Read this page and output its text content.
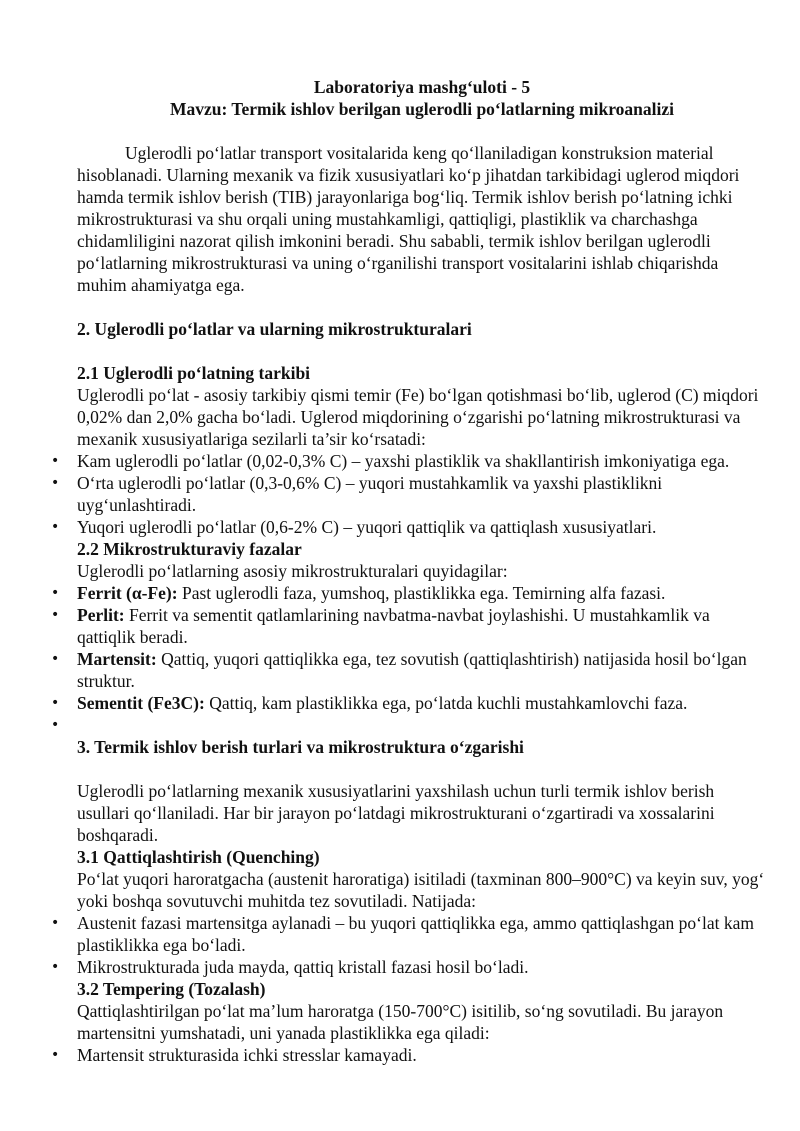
Laboratoriya mashg‘uloti - 5

Mavzu: Termik ishlov berilgan uglerodli po‘latlarning mikroanalizi

Uglerodli po‘latlar transport vositalarida keng qo‘llaniladigan konstruksion material hisoblanadi. Ularning mexanik va fizik xususiyatlari ko‘p jihatdan tarkibidagi uglerod miqdori hamda termik ishlov berish (TIB) jarayonlariga bog‘liq. Termik ishlov berish po‘latning ichki mikrostrukturasi va shu orqali uning mustahkamligi, qattiqligi, plastiklik va charchashga chidamliligini nazorat qilish imkonini beradi. Shu sababli, termik ishlov berilgan uglerodli po‘latlarning mikrostrukturasi va uning o‘rganilishi transport vositalarini ishlab chiqarishda muhim ahamiyatga ega.

2. Uglerodli po‘latlar va ularning mikrostrukturalari

2.1 Uglerodli po‘latning tarkibi

Uglerodli po‘lat - asosiy tarkibiy qismi temir (Fe) bo‘lgan qotishmasi bo‘lib, uglerod (C) miqdori 0,02% dan 2,0% gacha bo‘ladi. Uglerod miqdorining o‘zgarishi po‘latning mikrostrukturasi va mexanik xususiyatlariga sezilarli ta’sir ko‘rsatadi:

• Kam uglerodli po‘latlar (0,02-0,3% C) – yaxshi plastiklik va shakllantirish imkoniyatiga ega.
• O‘rta uglerodli po‘latlar (0,3-0,6% C) – yuqori mustahkamlik va yaxshi plastiklikni uyg‘unlashtiradi.
• Yuqori uglerodli po‘latlar (0,6-2% C) – yuqori qattiqlik va qattiqlash xususiyatlari.

2.2 Mikrostrukturaviy fazalar

Uglerodli po‘latlarning asosiy mikrostrukturalari quyidagilar:

• Ferrit (α-Fe): Past uglerodli faza, yumshoq, plastiklikka ega. Temirning alfa fazasi.
• Perlit: Ferrit va sementit qatlamlarining navbatma-navbat joylashishi. U mustahkamlik va qattiqlik beradi.
• Martensit: Qattiq, yuqori qattiqlikka ega, tez sovutish (qattiqlashtirish) natijasida hosil bo‘lgan struktur.
• Sementit (Fe3C): Qattiq, kam plastiklikka ega, po‘latda kuchli mustahkamlovchi faza.
•

3. Termik ishlov berish turlari va mikrostruktura o‘zgarishi

Uglerodli po‘latlarning mexanik xususiyatlarini yaxshilash uchun turli termik ishlov berish usullari qo‘llaniladi. Har bir jarayon po‘latdagi mikrostrukturani o‘zgartiradi va xossalarini boshqaradi.

3.1 Qattiqlashtirish (Quenching)

Po‘lat yuqori haroratgacha (austenit haroratiga) isitiladi (taxminan 800–900°C) va keyin suv, yog‘ yoki boshqa sovutuvchi muhitda tez sovutiladi. Natijada:

• Austenit fazasi martensitga aylanadi – bu yuqori qattiqlikka ega, ammo qattiqlashgan po‘lat kam plastiklikka ega bo‘ladi.
• Mikrostrukturada juda mayda, qattiq kristall fazasi hosil bo‘ladi.

3.2 Tempering (Tozalash)

Qattiqlashtirilgan po‘lat ma’lum haroratga (150-700°C) isitilib, so‘ng sovutiladi. Bu jarayon martensitni yumshatadi, uni yanada plastiklikka ega qiladi:

• Martensit strukturasida ichki stresslar kamayadi.
